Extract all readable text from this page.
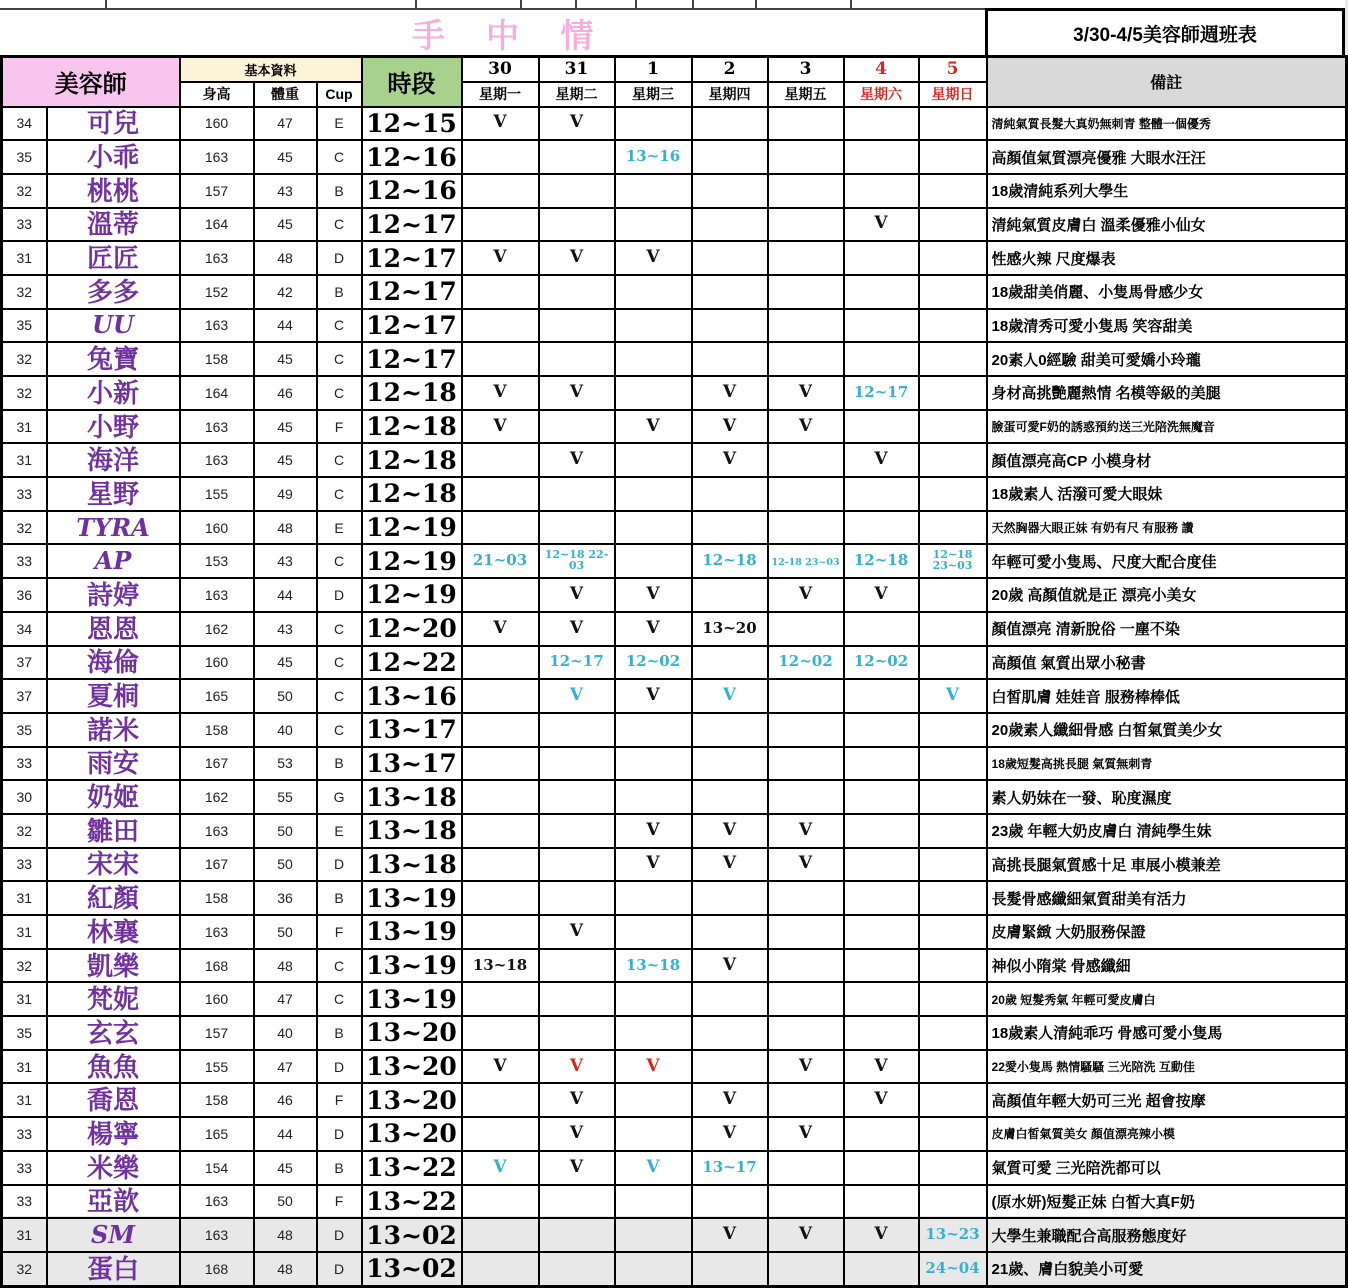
手 中 情	3/30-4/5美容師週班表
美容師		基本資料			時段	30	31	1	2	3	4	5	備註
		身高	體重	Cup		星期一	星期二	星期三	星期四	星期五	星期六	星期日	
34	可兒	160	47	E	12~15	V	V						清純氣質長髮大真奶無刺青 整體一個優秀
35	小乖	163	45	C	12~16			13~16					高顏值氣質漂亮優雅 大眼水汪汪
32	桃桃	157	43	B	12~16								18歲清純系列大學生
33	溫蒂	164	45	C	12~17						V		清純氣質皮膚白 溫柔優雅小仙女
31	匠匠	163	48	D	12~17	V	V	V					性感火辣 尺度爆表
32	多多	152	42	B	12~17								18歲甜美俏麗、小隻馬骨感少女
35	UU	163	44	C	12~17								18歲清秀可愛小隻馬 笑容甜美
32	兔寶	158	45	C	12~17								20素人0經驗 甜美可愛嬌小玲瓏
32	小新	164	46	C	12~18	V	V		V	V	12~17		身材高挑艷麗熱情 名模等級的美腿
31	小野	163	45	F	12~18	V		V	V	V			臉蛋可愛F奶的誘惑預約送三光陪洗無魔音
31	海洋	163	45	C	12~18		V		V		V		顏值漂亮高CP 小模身材
33	星野	155	49	C	12~18								18歲素人 活潑可愛大眼妹
32	TYRA	160	48	E	12~19								天然胸器大眼正妹 有奶有尺 有服務 讚
33	AP	153	43	C	12~19	21~03	12~18 22-03		12~18	12-18 23~03	12~18	12~18 23~03	年輕可愛小隻馬、尺度大配合度佳
36	詩婷	163	44	D	12~19		V	V		V	V		20歲 高顏值就是正 漂亮小美女
34	恩恩	162	43	C	12~20	V	V	V	13~20				顏值漂亮 清新脫俗 一塵不染
37	海倫	160	45	C	12~22		12~17	12~02		12~02	12~02		高顏值 氣質出眾小秘書
37	夏桐	165	50	C	13~16		V	V	V			V	白皙肌膚 娃娃音 服務棒棒低
35	諾米	158	40	C	13~17								20歲素人纖細骨感 白皙氣質美少女
33	雨安	167	53	B	13~17								18歲短髮高挑長腿 氣質無刺青
30	奶姬	162	55	G	13~18								素人奶妹在一發、恥度濕度
32	雛田	163	50	E	13~18			V	V	V			23歲 年輕大奶皮膚白 清純學生妹
33	宋宋	167	50	D	13~18			V	V	V			高挑長腿氣質感十足 車展小模兼差
31	紅顏	158	36	B	13~19								長髮骨感纖細氣質甜美有活力
31	林襄	163	50	F	13~19		V						皮膚緊緻 大奶服務保證
32	凱樂	168	48	C	13~19	13~18		13~18	V				神似小隋棠 骨感纖細
31	梵妮	160	47	C	13~19								20歲 短髮秀氣 年輕可愛皮膚白
35	玄玄	157	40	B	13~20								18歲素人清純乖巧 骨感可愛小隻馬
31	魚魚	155	47	D	13~20	V	V	V		V	V		22愛小隻馬 熱情騷騷 三光陪洗 互動佳
31	喬恩	158	46	F	13~20		V		V		V		高顏值年輕大奶可三光 超會按摩
33	楊寧	165	44	D	13~20		V		V	V			皮膚白皙氣質美女 顏值漂亮辣小模
33	米樂	154	45	B	13~22	V	V	V	13~17				氣質可愛 三光陪洗都可以
33	亞歆	163	50	F	13~22								(原水妍)短髮正妹 白皙大真F奶
31	SM	163	48	D	13~02				V	V	V	13~23	大學生兼職配合高服務態度好
32	蛋白	168	48	D	13~02							24~04	21歲、膚白貌美小可愛
